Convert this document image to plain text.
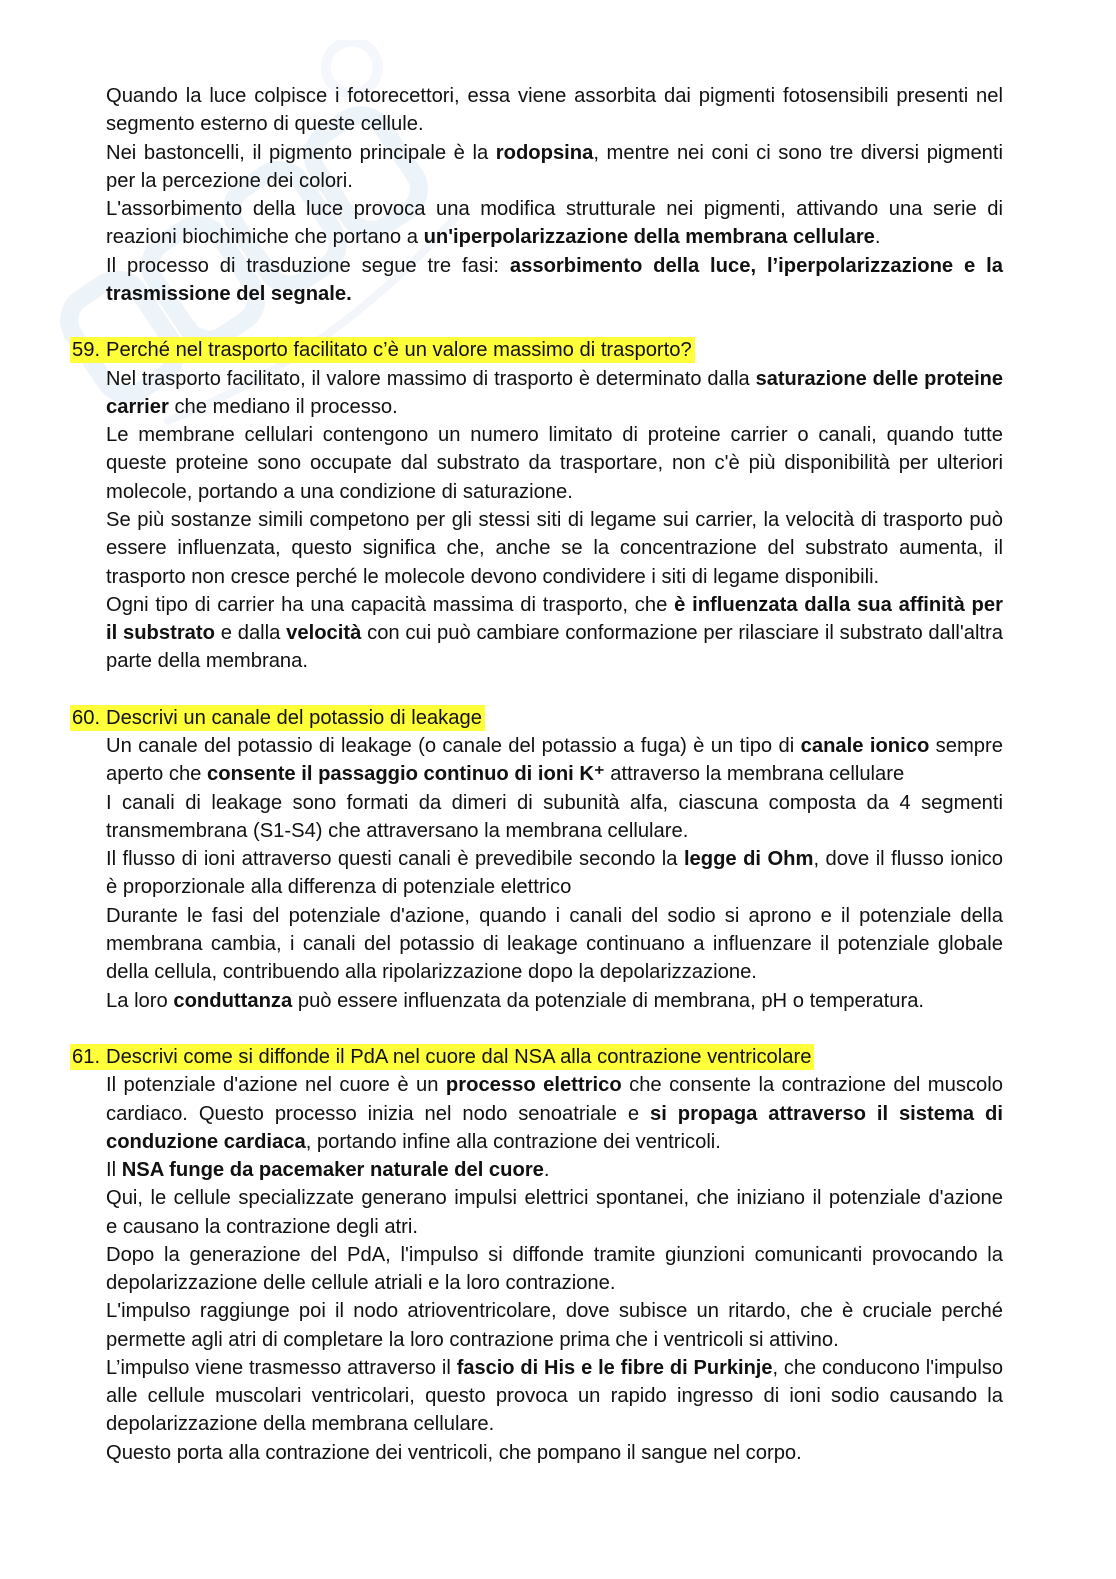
Quando la luce colpisce i fotorecettori, essa viene assorbita dai pigmenti fotosensibili presenti nel
segmento esterno di queste cellule.
Nei bastoncelli, il pigmento principale è la rodopsina, mentre nei coni ci sono tre diversi pigmenti
per la percezione dei colori.
L'assorbimento della luce provoca una modifica strutturale nei pigmenti, attivando una serie di
reazioni biochimiche che portano a un'iperpolarizzazione della membrana cellulare.
Il processo di trasduzione segue tre fasi: assorbimento della luce, l’iperpolarizzazione e la
trasmissione del segnale.
59. Perché nel trasporto facilitato c’è un valore massimo di trasporto?
Nel trasporto facilitato, il valore massimo di trasporto è determinato dalla saturazione delle proteine
carrier che mediano il processo.
Le membrane cellulari contengono un numero limitato di proteine carrier o canali, quando tutte
queste proteine sono occupate dal substrato da trasportare, non c'è più disponibilità per ulteriori
molecole, portando a una condizione di saturazione.
Se più sostanze simili competono per gli stessi siti di legame sui carrier, la velocità di trasporto può
essere influenzata, questo significa che, anche se la concentrazione del substrato aumenta, il
trasporto non cresce perché le molecole devono condividere i siti di legame disponibili.
Ogni tipo di carrier ha una capacità massima di trasporto, che è influenzata dalla sua affinità per
il substrato e dalla velocità con cui può cambiare conformazione per rilasciare il substrato dall'altra
parte della membrana.
60. Descrivi un canale del potassio di leakage
Un canale del potassio di leakage (o canale del potassio a fuga) è un tipo di canale ionico sempre
aperto che consente il passaggio continuo di ioni K⁺ attraverso la membrana cellulare
I canali di leakage sono formati da dimeri di subunità alfa, ciascuna composta da 4 segmenti
transmembrana (S1-S4) che attraversano la membrana cellulare.
Il flusso di ioni attraverso questi canali è prevedibile secondo la legge di Ohm, dove il flusso ionico
è proporzionale alla differenza di potenziale elettrico
Durante le fasi del potenziale d'azione, quando i canali del sodio si aprono e il potenziale della
membrana cambia, i canali del potassio di leakage continuano a influenzare il potenziale globale
della cellula, contribuendo alla ripolarizzazione dopo la depolarizzazione.
La loro conduttanza può essere influenzata da potenziale di membrana, pH o temperatura.
61. Descrivi come si diffonde il PdA nel cuore dal NSA alla contrazione ventricolare
Il potenziale d'azione nel cuore è un processo elettrico che consente la contrazione del muscolo
cardiaco. Questo processo inizia nel nodo senoatriale e si propaga attraverso il sistema di
conduzione cardiaca, portando infine alla contrazione dei ventricoli.
Il NSA funge da pacemaker naturale del cuore.
Qui, le cellule specializzate generano impulsi elettrici spontanei, che iniziano il potenziale d'azione
e causano la contrazione degli atri.
Dopo la generazione del PdA, l'impulso si diffonde tramite giunzioni comunicanti provocando la
depolarizzazione delle cellule atriali e la loro contrazione.
L'impulso raggiunge poi il nodo atrioventricolare, dove subisce un ritardo, che è cruciale perché
permette agli atri di completare la loro contrazione prima che i ventricoli si attivino.
L’impulso viene trasmesso attraverso il fascio di His e le fibre di Purkinje, che conducono l'impulso
alle cellule muscolari ventricolari, questo provoca un rapido ingresso di ioni sodio causando la
depolarizzazione della membrana cellulare.
Questo porta alla contrazione dei ventricoli, che pompano il sangue nel corpo.
